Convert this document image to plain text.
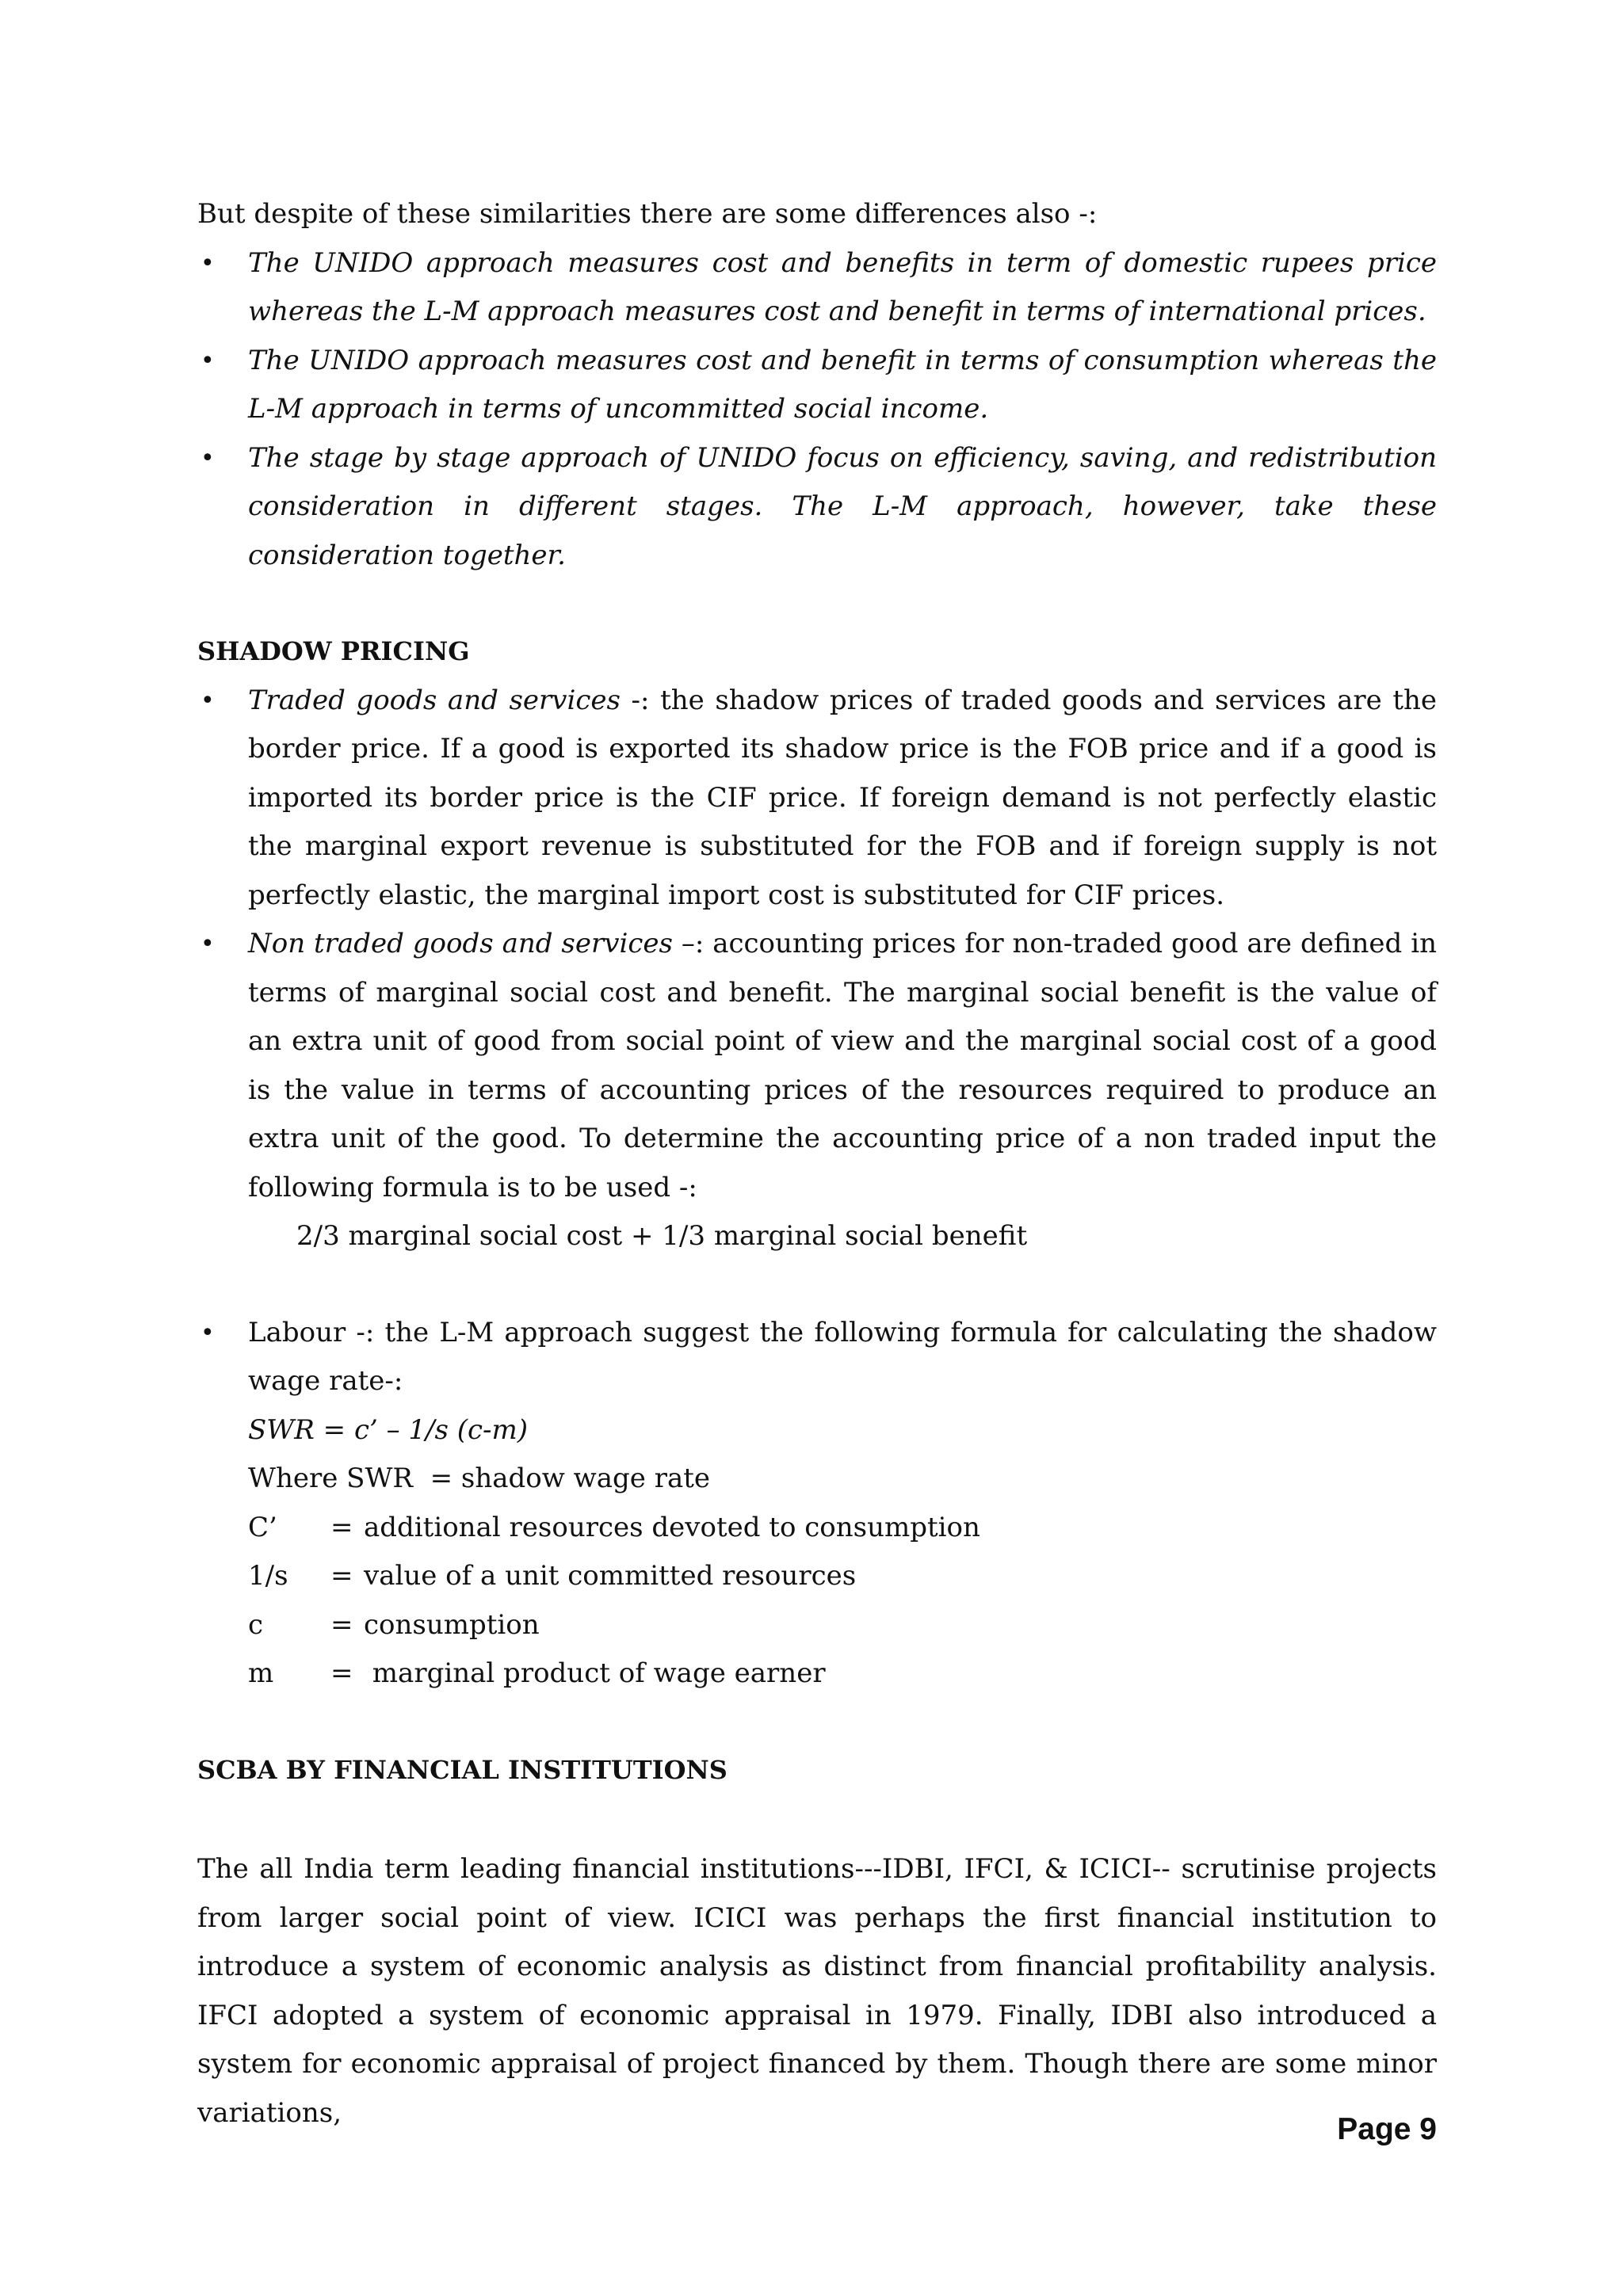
But despite of these similarities there are some differences also -:

• The UNIDO approach measures cost and benefits in term of domestic rupees price whereas the L-M approach measures cost and benefit in terms of international prices.
• The UNIDO approach measures cost and benefit in terms of consumption whereas the L-M approach in terms of uncommitted social income.
• The stage by stage approach of UNIDO focus on efficiency, saving, and redistribution consideration in different stages. The L-M approach, however, take these consideration together.

SHADOW PRICING

• Traded goods and services -: the shadow prices of traded goods and services are the border price. If a good is exported its shadow price is the FOB price and if a good is imported its border price is the CIF price. If foreign demand is not perfectly elastic the marginal export revenue is substituted for the FOB and if foreign supply is not perfectly elastic, the marginal import cost is substituted for CIF prices.
• Non traded goods and services –: accounting prices for non-traded good are defined in terms of marginal social cost and benefit. The marginal social benefit is the value of an extra unit of good from social point of view and the marginal social cost of a good is the value in terms of accounting prices of the resources required to produce an extra unit of the good. To determine the accounting price of a non traded input the following formula is to be used -:
2/3 marginal social cost + 1/3 marginal social benefit
• Labour -: the L-M approach suggest the following formula for calculating the shadow wage rate-:
SWR = c’ – 1/s (c-m)
Where SWR  = shadow wage rate
C’	= additional resources devoted to consumption
1/s	= value of a unit committed resources
c	= consumption
m	= marginal product of wage earner

SCBA BY FINANCIAL INSTITUTIONS

The all India term leading financial institutions---IDBI, IFCI, & ICICI-- scrutinise projects from larger social point of view. ICICI was perhaps the first financial institution to introduce a system of economic analysis as distinct from financial profitability analysis. IFCI adopted a system of economic appraisal in 1979. Finally, IDBI also introduced a system for economic appraisal of project financed by them. Though there are some minor variations,	Page 9
